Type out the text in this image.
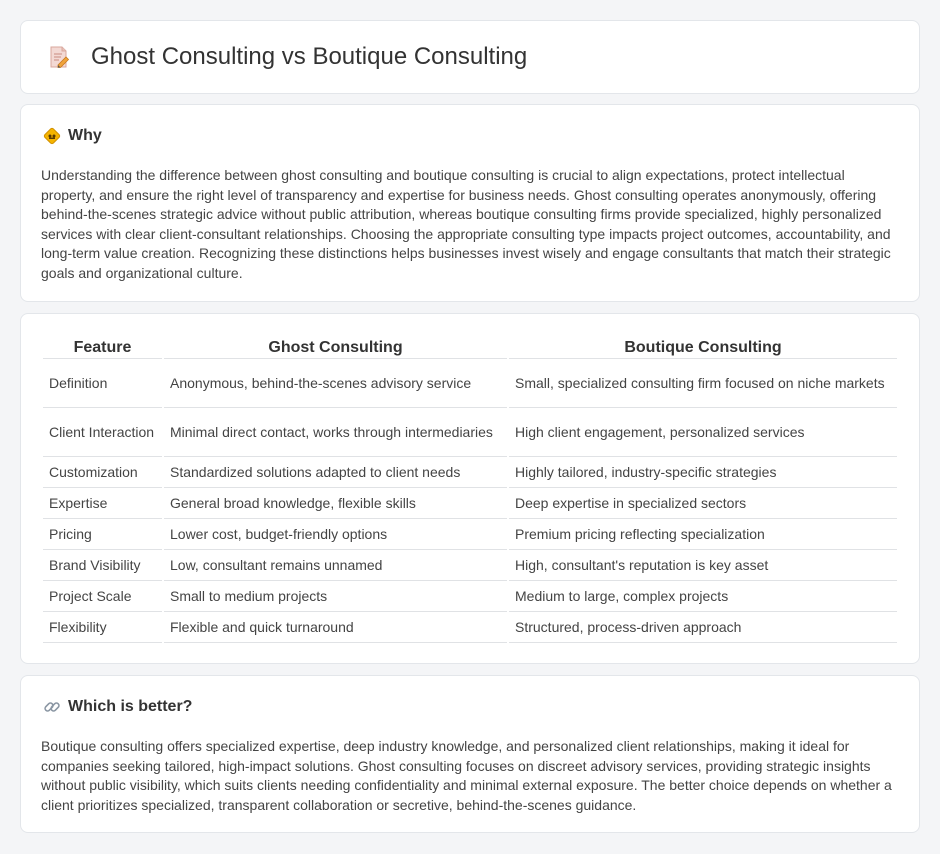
Ghost Consulting vs Boutique Consulting
Why

Understanding the difference between ghost consulting and boutique consulting is crucial to align expectations, protect intellectual property, and ensure the right level of transparency and expertise for business needs. Ghost consulting operates anonymously, offering behind-the-scenes strategic advice without public attribution, whereas boutique consulting firms provide specialized, highly personalized services with clear client-consultant relationships. Choosing the appropriate consulting type impacts project outcomes, accountability, and long-term value creation. Recognizing these distinctions helps businesses invest wisely and engage consultants that match their strategic goals and organizational culture.

Feature	Ghost Consulting	Boutique Consulting
Definition	Anonymous, behind-the-scenes advisory service	Small, specialized consulting firm focused on niche markets
Client Interaction	Minimal direct contact, works through intermediaries	High client engagement, personalized services
Customization	Standardized solutions adapted to client needs	Highly tailored, industry-specific strategies
Expertise	General broad knowledge, flexible skills	Deep expertise in specialized sectors
Pricing	Lower cost, budget-friendly options	Premium pricing reflecting specialization
Brand Visibility	Low, consultant remains unnamed	High, consultant's reputation is key asset
Project Scale	Small to medium projects	Medium to large, complex projects
Flexibility	Flexible and quick turnaround	Structured, process-driven approach
Which is better?

Boutique consulting offers specialized expertise, deep industry knowledge, and personalized client relationships, making it ideal for companies seeking tailored, high-impact solutions. Ghost consulting focuses on discreet advisory services, providing strategic insights without public visibility, which suits clients needing confidentiality and minimal external exposure. The better choice depends on whether a client prioritizes specialized, transparent collaboration or secretive, behind-the-scenes guidance.
